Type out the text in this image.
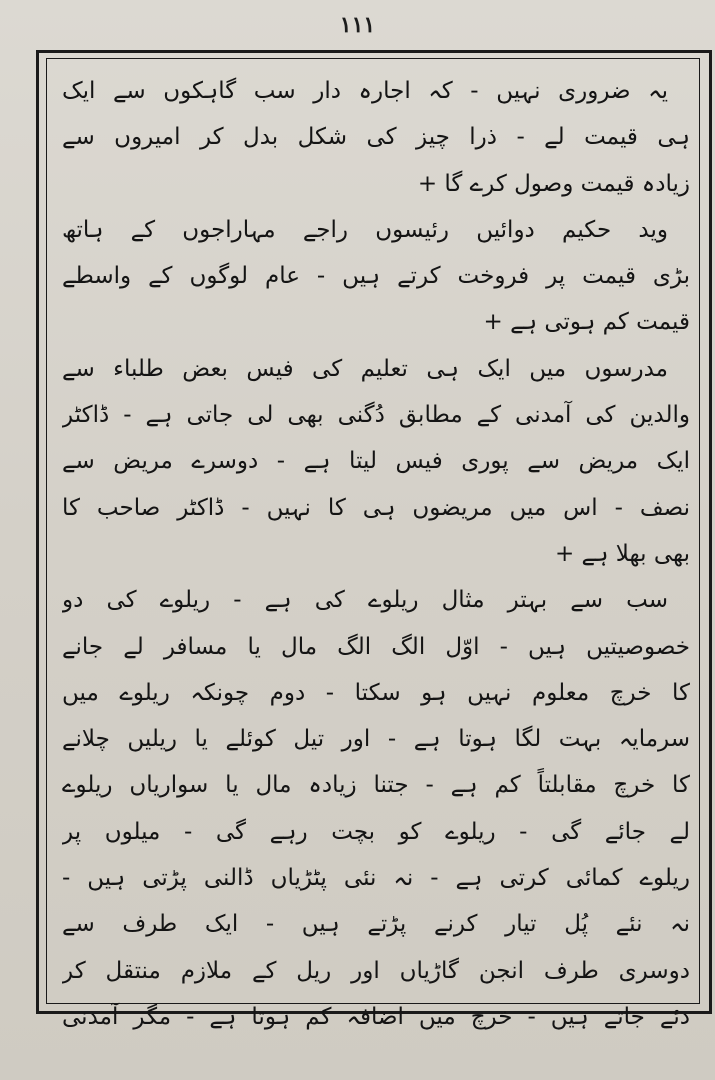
۱۱۱
یہ ضروری نہیں - کہ اجارہ دار سب گاہکوں سے ایک
ہی قیمت لے - ذرا چیز کی شکل بدل کر امیروں سے
زیادہ قیمت وصول کرے گا +
وید حکیم دوائیں رئیسوں راجے مہاراجوں کے ہاتھ
بڑی قیمت پر فروخت کرتے ہیں - عام لوگوں کے واسطے
قیمت کم ہوتی ہے +
مدرسوں میں ایک ہی تعلیم کی فیس بعض طلباء سے
والدین کی آمدنی کے مطابق دُگنی بھی لی جاتی ہے - ڈاکٹر
ایک مریض سے پوری فیس لیتا ہے - دوسرے مریض سے
نصف - اس میں مریضوں ہی کا نہیں - ڈاکٹر صاحب کا
بھی بھلا ہے +
سب سے بہتر مثال ریلوے کی ہے - ریلوے کی دو
خصوصیتیں ہیں - اوّل الگ الگ مال یا مسافر لے جانے
کا خرچ معلوم نہیں ہو سکتا - دوم چونکہ ریلوے میں
سرمایہ بہت لگا ہوتا ہے - اور تیل کوئلے یا ریلیں چلانے
کا خرچ مقابلتاً کم ہے - جتنا زیادہ مال یا سواریاں ریلوے
لے جائے گی - ریلوے کو بچت رہے گی - میلوں پر
ریلوے کمائی کرتی ہے - نہ نئی پٹڑیاں ڈالنی پڑتی ہیں -
نہ نئے پُل تیار کرنے پڑتے ہیں - ایک طرف سے
دوسری طرف انجن گاڑیاں اور ریل کے ملازم منتقل کر
دئے جاتے ہیں - خرچ میں اضافہ کم ہوتا ہے - مگر آمدنی
